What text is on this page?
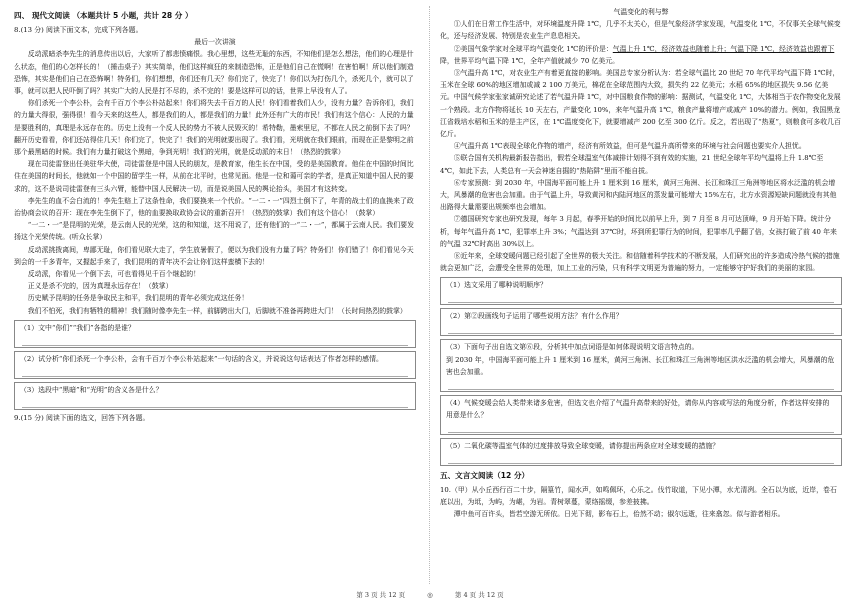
四、 现代文阅读 （本题共计 5 小题，共计 28 分 ）

8.(13 分) 阅读下面文本，完成下列各题。

最后一次讲演

反动派暗杀李先生的消息传出以后，大家听了都悲愤痛恨。我心里想，这些无耻的东西，不知他们是怎么想法，他们的心理是什么状态，他们的心怎样长的！（捶击桌子）其实简单，他们这样疯狂的来制造恐怖，正是他们自己在慌啊！在害怕啊！所以他们制造恐怖，其实是他们自己在恐怖啊！特务们，你们想想，你们还有几天？你们完了，快完了！你们以为打伤几个，杀死几个，就可以了事，就可以把人民吓倒了吗？其实广大的人民是打不尽的，杀不完的！要是这样可以的话，世界上早没有人了。

你们杀死一个李公朴，会有千百万个李公朴站起来！你们将失去千百万的人民！你们看着我们人少，没有力量？告诉你们，我们的力量大得很，强得很！看今天来的这些人，都是我们的人，都是我们的力量！此外还有广大的市民！我们有这个信心：人民的力量是要胜利的，真理是永远存在的。历史上没有一个反人民的势力不被人民毁灭的！希特勒，墨索里尼，不都在人民之前倒下去了吗？翻开历史看看，你们还站得住几天！你们完了，快完了！我们的光明就要出现了。我们看，光明就在我们眼前，而现在正是黎明之前那个最黑暗的时候。我们有力量打破这个黑暗，争到光明！我们的光明，就是反动派的末日！（热烈的鼓掌）

现在司徒雷登出任美驻华大使，司徒雷登是中国人民的朋友，是教育家，他生长在中国，受的是美国教育。他住在中国的时间比住在美国的时间长，他就如一个中国的留学生一样，从前在北平时，也常见面。他是一位和蔼可亲的学者，是真正知道中国人民的要求的，这不是说司徒雷登有三头六臂，能替中国人民解决一切，而是说美国人民的舆论抬头，美国才有这转变。

李先生的血不会白流的！李先生赔上了这条性命，我们要换来一个代价。“一二・一”四烈士倒下了，年青的战士们的血换来了政治协商会议的召开：现在李先生倒下了，他的血要换取政协会议的重新召开！（热烈的鼓掌）我们有这个信心！（鼓掌）

“一二・一”是昆明的光荣，是云南人民的光荣，这的和知道，这不用说了，还有他们的一“二・一”，都属于云南人民。我们要发扬这个光荣传统。(听众长掌）

反动派挑拨离间，卑鄙无耻，你们看见联大走了，学生放暑假了，便以为我们没有力量了吗？特务们！你们错了！你们看见今天到会的一千多青年，又握起手来了，我们昆明的青年决不会让你们这样蛮横下去的！

反动派，你看见一个倒下去，可也看得见千百个继起的！

正义是杀不完的，因为真理永远存在！（鼓掌）

历史赋予昆明的任务是争取民主和平，我们昆明的青年必须完成这任务！

我们不怕死，我们有牺牲的精神！我们随时像李先生一样，前脚跨出大门，后脚就不准备再跨进大门！（长时间热烈的鼓掌）

（1）文中“你们”“我们”各指的是谁？
（2）试分析“你们杀死一个李公朴，会有千百万个李公朴站起来”一句话的含义，并说说这句话表达了作者怎样的感情。
（3）选段中“黑暗”和“光明”的含义各是什么？

9.(15 分) 阅读下面的选文，回答下列各题。

气温变化的利与弊

①人们在日常工作生活中，对环境温度升降 1℃，几乎不太关心，但是气象经济学家发现，气温变化 1℃，不仅事关全球气候变化，还与经济发展、特别是农业生产息息相关。

②美国气象学家对全球平均气温变化 1℃的评价是：气温上升 1℃，经济效益也随着上升；气温下降 1℃，经济效益也跟着下降，世界平均气温下降 1℃，全年产值就减少 70 亿美元。

③气温升高 1℃，对农业生产有着更直接的影响。美国总专家分析认为：若全球气温比 20 世纪 70 年代平均气温下降 1℃时，玉米在全球 60%的地区增加或减 2 100 万美元，棉花在全球范围内大致，损失约 22 亿美元；水稻 65%的地区损失 9.56 亿美元。中国气候学家张家诚研究论述了若气温升降 1℃，对中国粮食作物的影响：据测试，气温变化 1℃，大体相当于农作物变化发展一个熟段。北方作物将延长 10 天左右，产量变化 10%，来年气温升高 1℃，粮食产量将增产或减产 10%的潜力。例如，我国黑龙江省栽培水稻和玉米的是主产区，在 1℃温度变化下，就要增减产 200 亿至 300 亿斤。反之，若出现了“热夏”，则粮食可多收几百亿斤。

④气温升高 1℃表现全球化作物的增产，经济有所效益，但可是气温升高所带来的环境与社会问题也要实介人担忧。

⑤联合国有关机构最新报告指出，假若全球温室气体减排计划得不到有效的实施，21 世纪全球年平均气温将上升 1.8℃至 4℃，如此下去，人类总有一天会神迷自掘的“热陷阱”里而不能自拔。

⑥专家预测：到 2030 年，中国海平面可能上升 1 厘米到 16 厘米，黄河三角洲、长江和珠江三角洲等地区将水泛滥的机会增大，风暴潮的危害也会加重。由于气温上升，导致黄河和内陆河地区的蒸发量可能增大 15%左右，北方水资源短缺问题就没有其他出路得大量需要出规频率也会增加。

⑦德国研究专家也研究发现，每年 3 月起，春季开始的时间比以前早上升，到 7 月至 8 月可达顶峰，9 月开始下降。统计分析，每年气温升高 1℃，犯罪率上升 3%；气温达到 37℃时，坏到所犯罪行为的时间，犯罪率几乎翻了倍，女孩打破了前 40 年来的气温 32℃时高出 30%以上。

⑧近年来，全球变暖问题已经引起了全世界的极大关注。和信随着科学技术的不断发展，人们研究出的许多造成冷热气候的措施就会更加广泛，会遭受全世界的处理，加上工业的污染，只有科学文明更为普遍的努力，一定能够守护好我们的美丽的家园。

（1）选文采用了哪种说明顺序？
（2）第②段画线句子运用了哪些说明方法？有什么作用？

（3）下面句子出自选文第⑥段，分析其中加点词语是如何体现说明文语言特点的。

到 2030 年，中国海平面可能上升 1 厘米到 16 厘米，黄河三角洲、长江和珠江三角洲等地区洪水泛滥的机会增大，风暴潮的危害也会加重。

（4）气候变暖会给人类带来诸多危害，但选文也介绍了气温升高带来的好处，请你从内容或写法的角度分析，作者这样安排的用意是什么？
（5）二氧化碳等温室气体的过度排放导致全球变暖，请你提出两条应对全球变暖的措施？

五、文言文阅读（12 分）

10.（甲）从小丘西行百二十步，隔篁竹，闻水声，如鸣佩环，心乐之。伐竹取道，下见小潭，水尤清冽。全石以为底，近岸，卷石底以出，为坻，为屿，为嵁，为岩。青树翠蔓，蒙络摇缀，参差披拂。

潭中鱼可百许头，皆若空游无所依。日光下彻，影布石上，佁然不动；俶尔远逝，往来翕忽。似与游者相乐。

第 3 页 共 12 页	◎	第 4 页 共 12 页
